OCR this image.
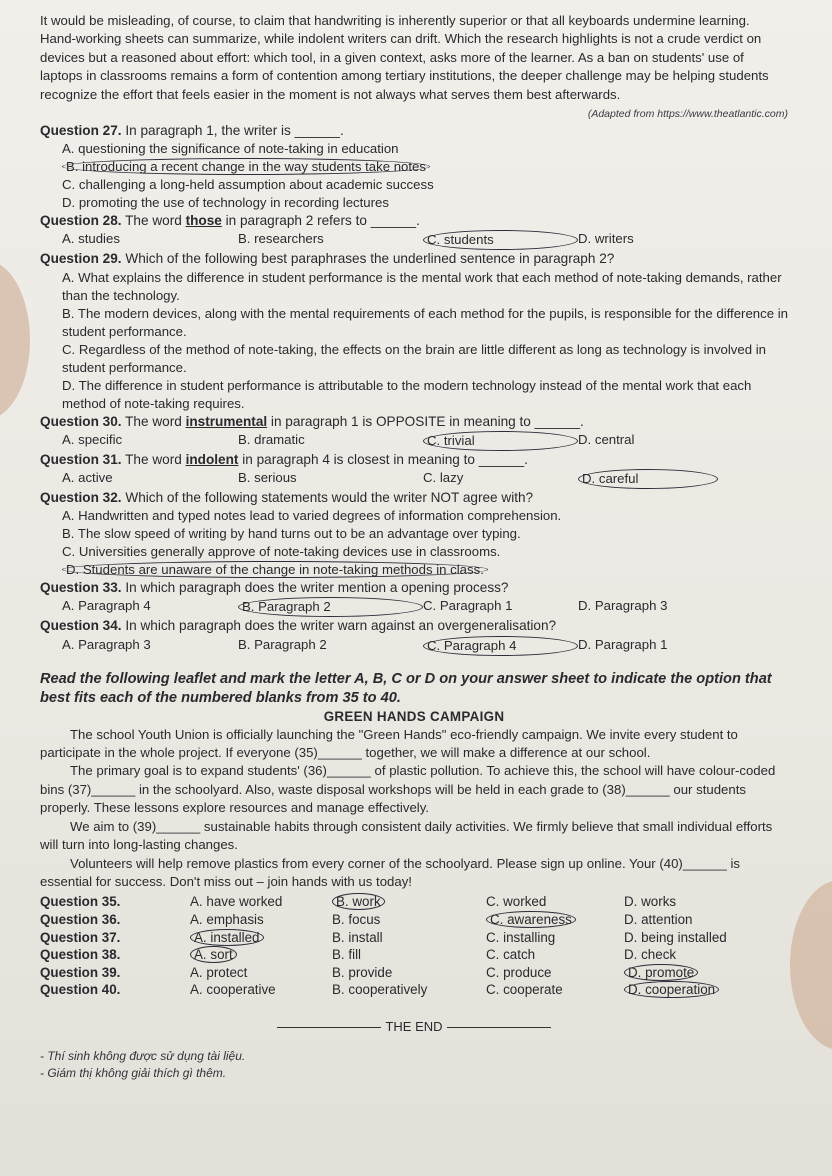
It would be misleading, of course, to claim that handwriting is inherently superior or that all keyboards undermine learning. Hand-working sheets can summarize, while indolent writers can drift. Which the research highlights is not a crude verdict on devices but a reasoned about effort: which tool, in a given context, asks more of the learner. As a ban on students' use of laptops in classrooms remains a form of contention among tertiary institutions, the deeper challenge may be helping students recognize the effort that feels easier in the moment is not always what serves them best afterwards.

(Adapted from https://www.theatlantic.com)

Question 27. In paragraph 1, the writer is ______.

A. questioning the significance of note-taking in education

B. introducing a recent change in the way students take notes

C. challenging a long-held assumption about academic success

D. promoting the use of technology in recording lectures

Question 28. The word those in paragraph 2 refers to ______.

A. studies	B. researchers	C. students	D. writers

Question 29. Which of the following best paraphrases the underlined sentence in paragraph 2?

A. What explains the difference in student performance is the mental work that each method of note-taking demands, rather than the technology.

B. The modern devices, along with the mental requirements of each method for the pupils, is responsible for the difference in student performance.

C. Regardless of the method of note-taking, the effects on the brain are little different as long as technology is involved in student performance.

D. The difference in student performance is attributable to the modern technology instead of the mental work that each method of note-taking requires.

Question 30. The word instrumental in paragraph 1 is OPPOSITE in meaning to ______.

A. specific	B. dramatic	C. trivial	D. central

Question 31. The word indolent in paragraph 4 is closest in meaning to ______.

A. active	B. serious	C. lazy	D. careful

Question 32. Which of the following statements would the writer NOT agree with?

A. Handwritten and typed notes lead to varied degrees of information comprehension.

B. The slow speed of writing by hand turns out to be an advantage over typing.

C. Universities generally approve of note-taking devices use in classrooms.

D. Students are unaware of the change in note-taking methods in class.

Question 33. In which paragraph does the writer mention a opening process?

A. Paragraph 4	B. Paragraph 2	C. Paragraph 1	D. Paragraph 3

Question 34. In which paragraph does the writer warn against an overgeneralisation?

A. Paragraph 3	B. Paragraph 2	C. Paragraph 4	D. Paragraph 1

Read the following leaflet and mark the letter A, B, C or D on your answer sheet to indicate the option that best fits each of the numbered blanks from 35 to 40.

GREEN HANDS CAMPAIGN

The school Youth Union is officially launching the "Green Hands" eco-friendly campaign. We invite every student to participate in the whole project. If everyone (35)______ together, we will make a difference at our school.

The primary goal is to expand students' (36)______ of plastic pollution. To achieve this, the school will have colour-coded bins (37)______ in the schoolyard. Also, waste disposal workshops will be held in each grade to (38)______ our students properly. These lessons explore resources and manage effectively.

We aim to (39)______ sustainable habits through consistent daily activities. We firmly believe that small individual efforts will turn into long-lasting changes.

Volunteers will help remove plastics from every corner of the schoolyard. Please sign up online. Your (40)______ is essential for success. Don't miss out – join hands with us today!

Question 35.	A. have worked	B. work	C. worked	D. works
Question 36.	A. emphasis	B. focus	C. awareness	D. attention
Question 37.	A. installed	B. install	C. installing	D. being installed
Question 38.	A. sort	B. fill	C. catch	D. check
Question 39.	A. protect	B. provide	C. produce	D. promote
Question 40.	A. cooperative	B. cooperatively	C. cooperate	D. cooperation

THE END

- Thí sinh không được sử dụng tài liệu.

- Giám thị không giải thích gì thêm.
